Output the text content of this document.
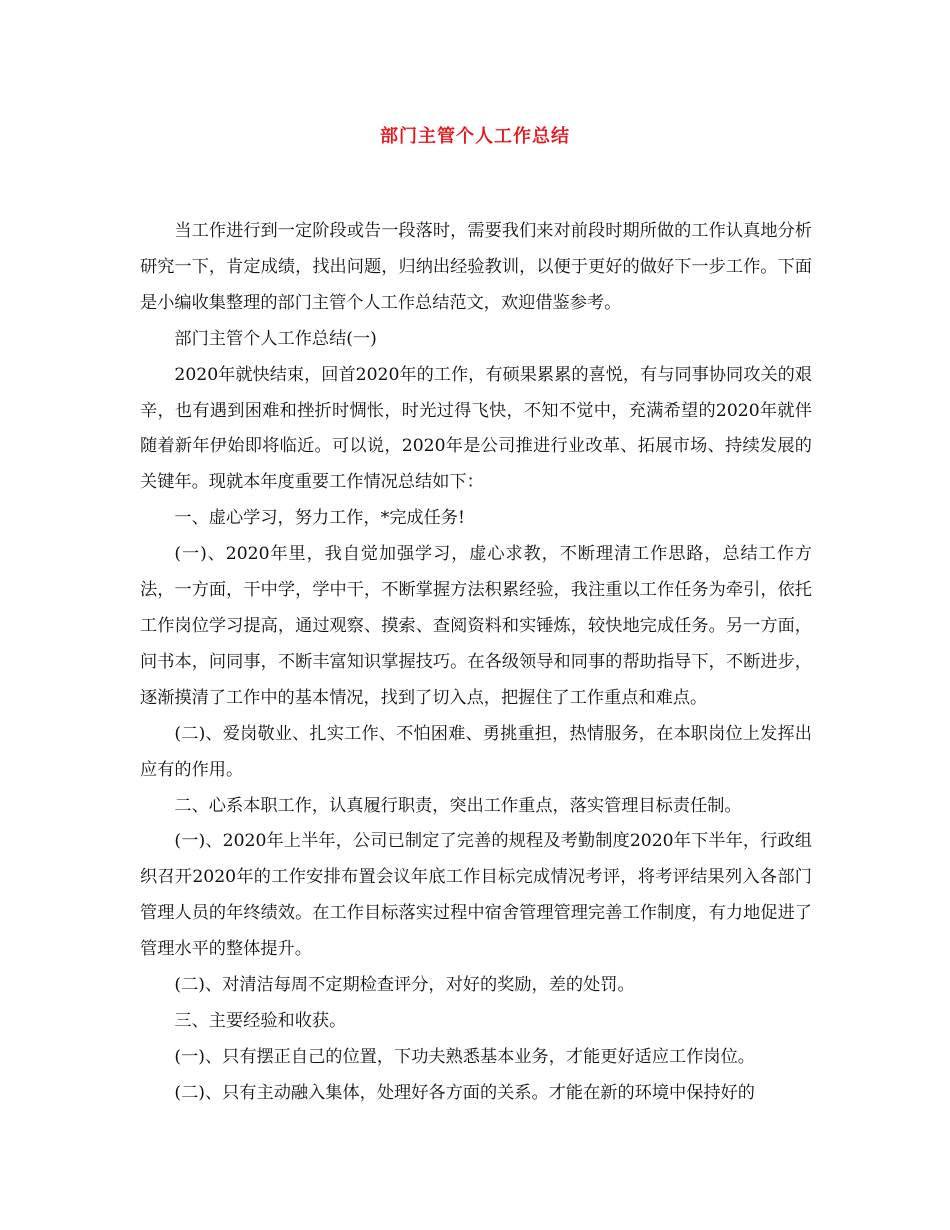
部门主管个人工作总结

当工作进行到一定阶段或告一段落时，需要我们来对前段时期所做的工作认真地分析研究一下，肯定成绩，找出问题，归纳出经验教训，以便于更好的做好下一步工作。下面是小编收集整理的部门主管个人工作总结范文，欢迎借鉴参考。

部门主管个人工作总结(一)

2020年就快结束，回首2020年的工作，有硕果累累的喜悦，有与同事协同攻关的艰辛，也有遇到困难和挫折时惆怅，时光过得飞快，不知不觉中，充满希望的2020年就伴随着新年伊始即将临近。可以说，2020年是公司推进行业改革、拓展市场、持续发展的关键年。现就本年度重要工作情况总结如下：

一、虚心学习，努力工作，*完成任务!

(一)、2020年里，我自觉加强学习，虚心求教，不断理清工作思路，总结工作方法，一方面，干中学，学中干，不断掌握方法积累经验，我注重以工作任务为牵引，依托工作岗位学习提高，通过观察、摸索、查阅资料和实锤炼，较快地完成任务。另一方面，问书本，问同事，不断丰富知识掌握技巧。在各级领导和同事的帮助指导下，不断进步，逐渐摸清了工作中的基本情况，找到了切入点，把握住了工作重点和难点。

(二)、爱岗敬业、扎实工作、不怕困难、勇挑重担，热情服务，在本职岗位上发挥出应有的作用。

二、心系本职工作，认真履行职责，突出工作重点，落实管理目标责任制。

(一)、2020年上半年，公司已制定了完善的规程及考勤制度2020年下半年，行政组织召开2020年的工作安排布置会议年底工作目标完成情况考评，将考评结果列入各部门管理人员的年终绩效。在工作目标落实过程中宿舍管理管理完善工作制度，有力地促进了管理水平的整体提升。

(二)、对清洁每周不定期检查评分，对好的奖励，差的处罚。

三、主要经验和收获。

(一)、只有摆正自己的位置，下功夫熟悉基本业务，才能更好适应工作岗位。

(二)、只有主动融入集体，处理好各方面的关系。才能在新的环境中保持好的
